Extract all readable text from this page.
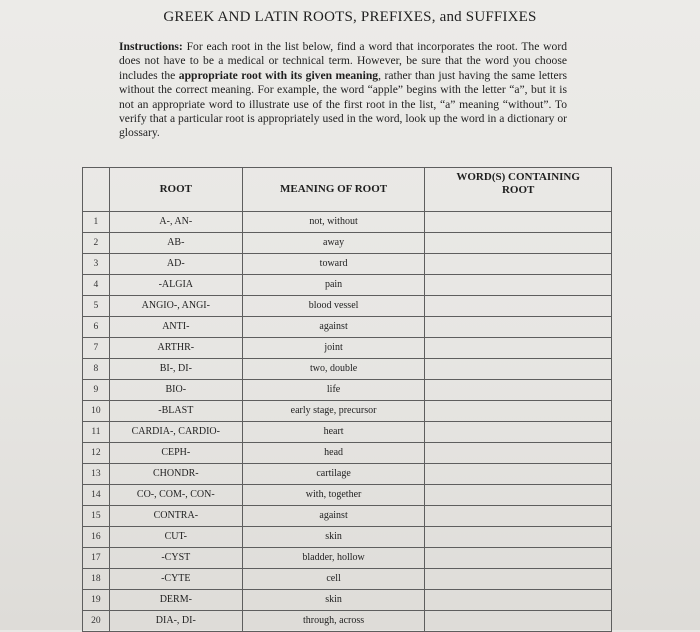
GREEK AND LATIN ROOTS, PREFIXES, and SUFFIXES
Instructions: For each root in the list below, find a word that incorporates the root. The word does not have to be a medical or technical term. However, be sure that the word you choose includes the appropriate root with its given meaning, rather than just having the same letters without the correct meaning. For example, the word “apple” begins with the letter “a”, but it is not an appropriate word to illustrate use of the first root in the list, “a” meaning “without”. To verify that a particular root is appropriately used in the word, look up the word in a dictionary or glossary.
	ROOT	MEANING OF ROOT	WORD(S) CONTAINING ROOT
1	A-, AN-	not, without	
2	AB-	away	
3	AD-	toward	
4	-ALGIA	pain	
5	ANGIO-, ANGI-	blood vessel	
6	ANTI-	against	
7	ARTHR-	joint	
8	BI-, DI-	two, double	
9	BIO-	life	
10	-BLAST	early stage, precursor	
11	CARDIA-, CARDIO-	heart	
12	CEPH-	head	
13	CHONDR-	cartilage	
14	CO-, COM-, CON-	with, together	
15	CONTRA-	against	
16	CUT-	skin	
17	-CYST	bladder, hollow	
18	-CYTE	cell	
19	DERM-	skin	
20	DIA-, DI-	through, across	
